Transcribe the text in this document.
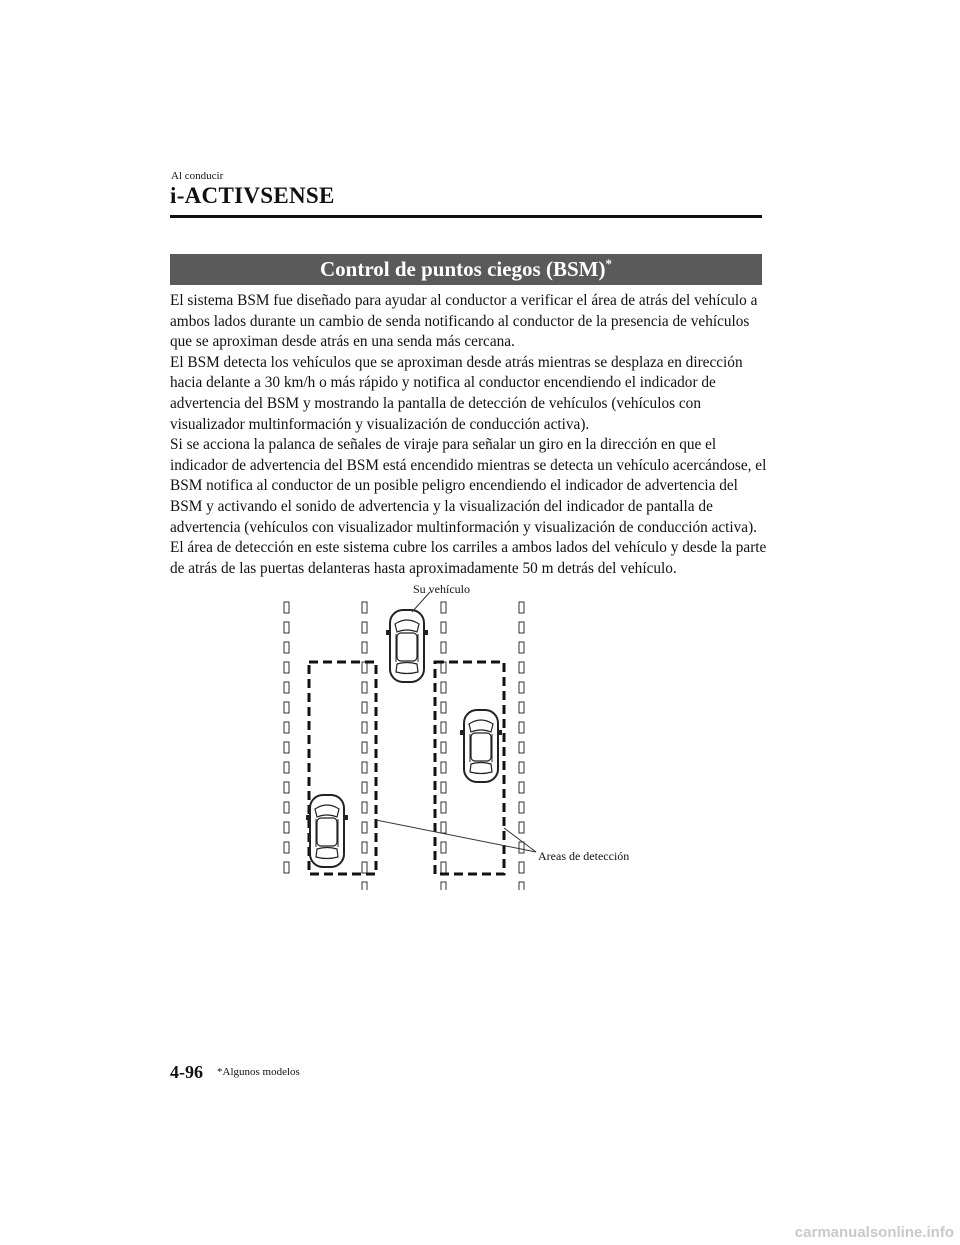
Al conducir
i-ACTIVSENSE
Control de puntos ciegos (BSM)*

El sistema BSM fue diseñado para ayudar al conductor a verificar el área de atrás del vehículo a ambos lados durante un cambio de senda notificando al conductor de la presencia de vehículos que se aproximan desde atrás en una senda más cercana.

El BSM detecta los vehículos que se aproximan desde atrás mientras se desplaza en dirección hacia delante a 30 km/h o más rápido y notifica al conductor encendiendo el indicador de advertencia del BSM y mostrando la pantalla de detección de vehículos (vehículos con visualizador multinformación y visualización de conducción activa).

Si se acciona la palanca de señales de viraje para señalar un giro en la dirección en que el indicador de advertencia del BSM está encendido mientras se detecta un vehículo acercándose, el BSM notifica al conductor de un posible peligro encendiendo el indicador de advertencia del BSM y activando el sonido de advertencia y la visualización del indicador de pantalla de advertencia (vehículos con visualizador multinformación y visualización de conducción activa).

El área de detección en este sistema cubre los carriles a ambos lados del vehículo y desde la parte de atrás de las puertas delanteras hasta aproximadamente 50 m detrás del vehículo.

Su vehículo
Areas de detección
4-96 *Algunos modelos
carmanualsonline.info
